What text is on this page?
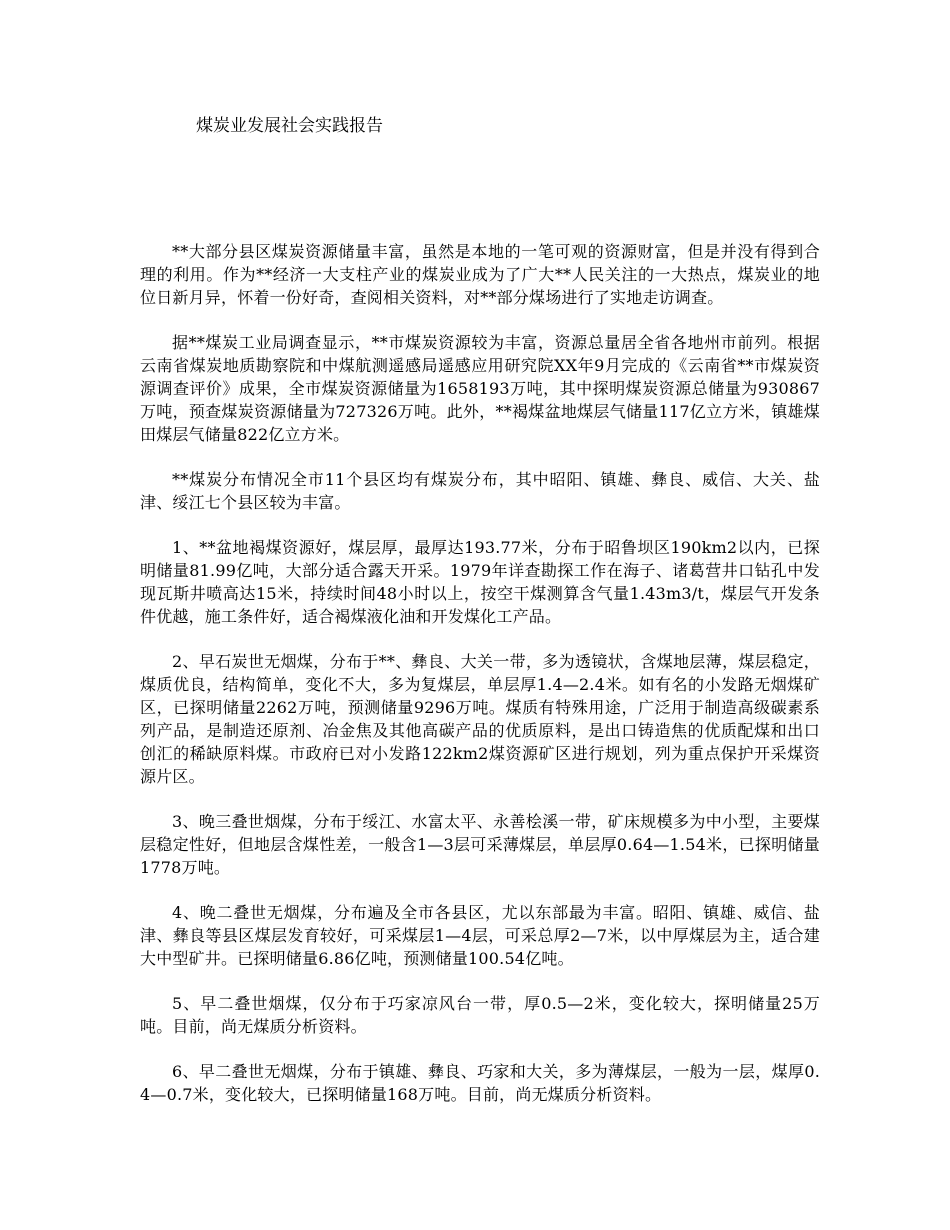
煤炭业发展社会实践报告

**大部分县区煤炭资源储量丰富，虽然是本地的一笔可观的资源财富，但是并没有得到合理的利用。作为**经济一大支柱产业的煤炭业成为了广大**人民关注的一大热点，煤炭业的地位日新月异，怀着一份好奇，查阅相关资料，对**部分煤场进行了实地走访调查。

据**煤炭工业局调查显示，**市煤炭资源较为丰富，资源总量居全省各地州市前列。根据云南省煤炭地质勘察院和中煤航测遥感局遥感应用研究院XX年9月完成的《云南省**市煤炭资源调查评价》成果，全市煤炭资源储量为1658193万吨，其中探明煤炭资源总储量为930867万吨，预查煤炭资源储量为727326万吨。此外，**褐煤盆地煤层气储量117亿立方米，镇雄煤田煤层气储量822亿立方米。

**煤炭分布情况全市11个县区均有煤炭分布，其中昭阳、镇雄、彝良、威信、大关、盐津、绥江七个县区较为丰富。

1、**盆地褐煤资源好，煤层厚，最厚达193.77米，分布于昭鲁坝区190km2以内，已探明储量81.99亿吨，大部分适合露天开采。1979年详查勘探工作在海子、诸葛营井口钻孔中发现瓦斯井喷高达15米，持续时间48小时以上，按空干煤测算含气量1.43m3/t，煤层气开发条件优越，施工条件好，适合褐煤液化油和开发煤化工产品。

2、早石炭世无烟煤，分布于**、彝良、大关一带，多为透镜状，含煤地层薄，煤层稳定，煤质优良，结构简单，变化不大，多为复煤层，单层厚1.4—2.4米。如有名的小发路无烟煤矿区，已探明储量2262万吨，预测储量9296万吨。煤质有特殊用途，广泛用于制造高级碳素系列产品，是制造还原剂、冶金焦及其他高碳产品的优质原料，是出口铸造焦的优质配煤和出口创汇的稀缺原料煤。市政府已对小发路122km2煤资源矿区进行规划，列为重点保护开采煤资源片区。

3、晚三叠世烟煤，分布于绥江、水富太平、永善桧溪一带，矿床规模多为中小型，主要煤层稳定性好，但地层含煤性差，一般含1—3层可采薄煤层，单层厚0.64—1.54米，已探明储量1778万吨。

4、晚二叠世无烟煤，分布遍及全市各县区，尤以东部最为丰富。昭阳、镇雄、威信、盐津、彝良等县区煤层发育较好，可采煤层1—4层，可采总厚2—7米，以中厚煤层为主，适合建大中型矿井。已探明储量6.86亿吨，预测储量100.54亿吨。

5、早二叠世烟煤，仅分布于巧家凉风台一带，厚0.5—2米，变化较大，探明储量25万吨。目前，尚无煤质分析资料。

6、早二叠世无烟煤，分布于镇雄、彝良、巧家和大关，多为薄煤层，一般为一层，煤厚0.4—0.7米，变化较大，已探明储量168万吨。目前，尚无煤质分析资料。
